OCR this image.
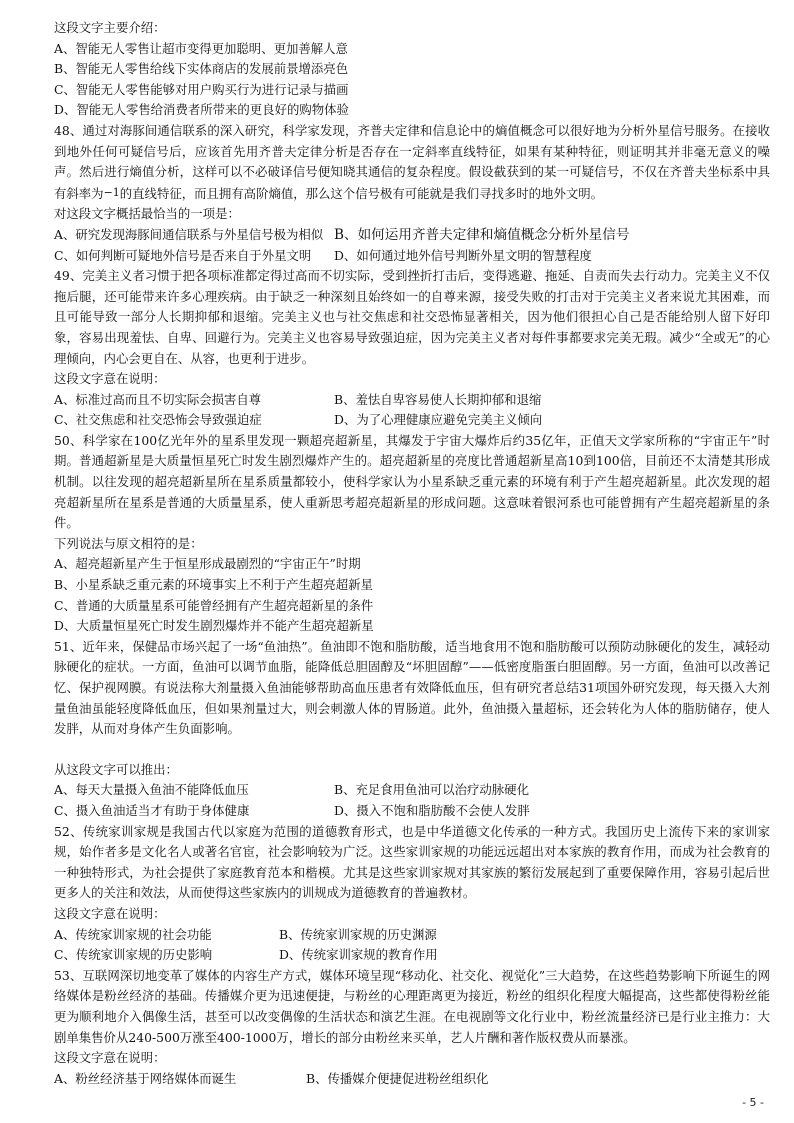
这段文字主要介绍：

A、智能无人零售让超市变得更加聪明、更加善解人意

B、智能无人零售给线下实体商店的发展前景增添亮色

C、智能无人零售能够对用户购买行为进行记录与描画

D、智能无人零售给消费者所带来的更良好的购物体验

48、通过对海豚间通信联系的深入研究，科学家发现，齐普夫定律和信息论中的熵值概念可以很好地为分析外星信号服务。在接收到地外任何可疑信号后，应该首先用齐普夫定律分析是否存在一定斜率直线特征，如果有某种特征，则证明其并非毫无意义的噪声。然后进行熵值分析，这样可以不必破译信号便知晓其通信的复杂程度。假设截获到的某一可疑信号，不仅在齐普夫坐标系中具有斜率为$^{-1}$的直线特征，而且拥有高阶熵值，那么这个信号极有可能就是我们寻找多时的地外文明。

对这段文字概括最恰当的一项是：

A、研究发现海豚间通信联系与外星信号极为相似 B、如何运用齐普夫定律和熵值概念分析外星信号
C、如何判断可疑地外信号是否来自于外星文明	D、如何通过地外信号判断外星文明的智慧程度

49、完美主义者习惯于把各项标准都定得过高而不切实际，受到挫折打击后，变得逃避、拖延、自责而失去行动力。完美主义不仅拖后腿，还可能带来许多心理疾病。由于缺乏一种深刻且始终如一的自尊来源，接受失败的打击对于完美主义者来说尤其困难，而且可能导致一部分人长期抑郁和退缩。完美主义也与社交焦虑和社交恐怖显著相关，因为他们很担心自己是否能给别人留下好印象，容易出现羞怯、自卑、回避行为。完美主义也容易导致强迫症，因为完美主义者对每件事都要求完美无瑕。减少“全或无”的心理倾向，内心会更自在、从容，也更利于进步。

这段文字意在说明：

A、标准过高而且不切实际会损害自尊	B、羞怯自卑容易使人长期抑郁和退缩
C、社交焦虑和社交恐怖会导致强迫症	D、为了心理健康应避免完美主义倾向

50、科学家在100亿光年外的星系里发现一颗超亮超新星，其爆发于宇宙大爆炸后约35亿年，正值天文学家所称的“宇宙正午”时期。普通超新星是大质量恒星死亡时发生剧烈爆炸产生的。超亮超新星的亮度比普通超新星高10到100倍，目前还不太清楚其形成机制。以往发现的超亮超新星所在星系质量都较小，使科学家认为小星系缺乏重元素的环境有利于产生超亮超新星。此次发现的超亮超新星所在星系是普通的大质量星系，使人重新思考超亮超新星的形成问题。这意味着银河系也可能曾拥有产生超亮超新星的条件。

下列说法与原文相符的是：

A、超亮超新星产生于恒星形成最剧烈的“宇宙正午”时期

B、小星系缺乏重元素的环境事实上不利于产生超亮超新星

C、普通的大质量星系可能曾经拥有产生超亮超新星的条件

D、大质量恒星死亡时发生剧烈爆炸并不能产生超亮超新星

51、近年来，保健品市场兴起了一场“鱼油热”。鱼油即不饱和脂肪酸，适当地食用不饱和脂肪酸可以预防动脉硬化的发生，减轻动脉硬化的症状。一方面，鱼油可以调节血脂，能降低总胆固醇及“坏胆固醇”——低密度脂蛋白胆固醇。另一方面，鱼油可以改善记忆、保护视网膜。有说法称大剂量摄入鱼油能够帮助高血压患者有效降低血压，但有研究者总结31项国外研究发现，每天摄入大剂量鱼油虽能轻度降低血压，但如果剂量过大，则会刺激人体的胃肠道。此外，鱼油摄入量超标，还会转化为人体的脂肪储存，使人发胖，从而对身体产生负面影响。

从这段文字可以推出：

A、每天大量摄入鱼油不能降低血压	B、充足食用鱼油可以治疗动脉硬化
C、摄入鱼油适当才有助于身体健康	D、摄入不饱和脂肪酸不会使人发胖

52、传统家训家规是我国古代以家庭为范围的道德教育形式，也是中华道德文化传承的一种方式。我国历史上流传下来的家训家规，始作者多是文化名人或著名官宦，社会影响较为广泛。这些家训家规的功能远远超出对本家族的教育作用，而成为社会教育的一种独特形式，为社会提供了家庭教育范本和楷模。尤其是这些家训家规对其家族的繁衍发展起到了重要保障作用，容易引起后世更多人的关注和效法，从而使得这些家族内的训规成为道德教育的普遍教材。

这段文字意在说明：

A、传统家训家规的社会功能	B、传统家训家规的历史渊源
C、传统家训家规的历史影响	D、传统家训家规的教育作用

53、互联网深切地变革了媒体的内容生产方式，媒体环境呈现“移动化、社交化、视觉化”三大趋势，在这些趋势影响下所诞生的网络媒体是粉丝经济的基础。传播媒介更为迅速便捷，与粉丝的心理距离更为接近，粉丝的组织化程度大幅提高，这些都使得粉丝能更为顺利地介入偶像生活，甚至可以改变偶像的生活状态和演艺生涯。在电视剧等文化行业中，粉丝流量经济已是行业主推力：大剧单集售价从240-500万涨至400-1000万，增长的部分由粉丝来买单，艺人片酬和著作版权费从而暴涨。

这段文字意在说明：

A、粉丝经济基于网络媒体而诞生	B、传播媒介便捷促进粉丝组织化
- 5 -
